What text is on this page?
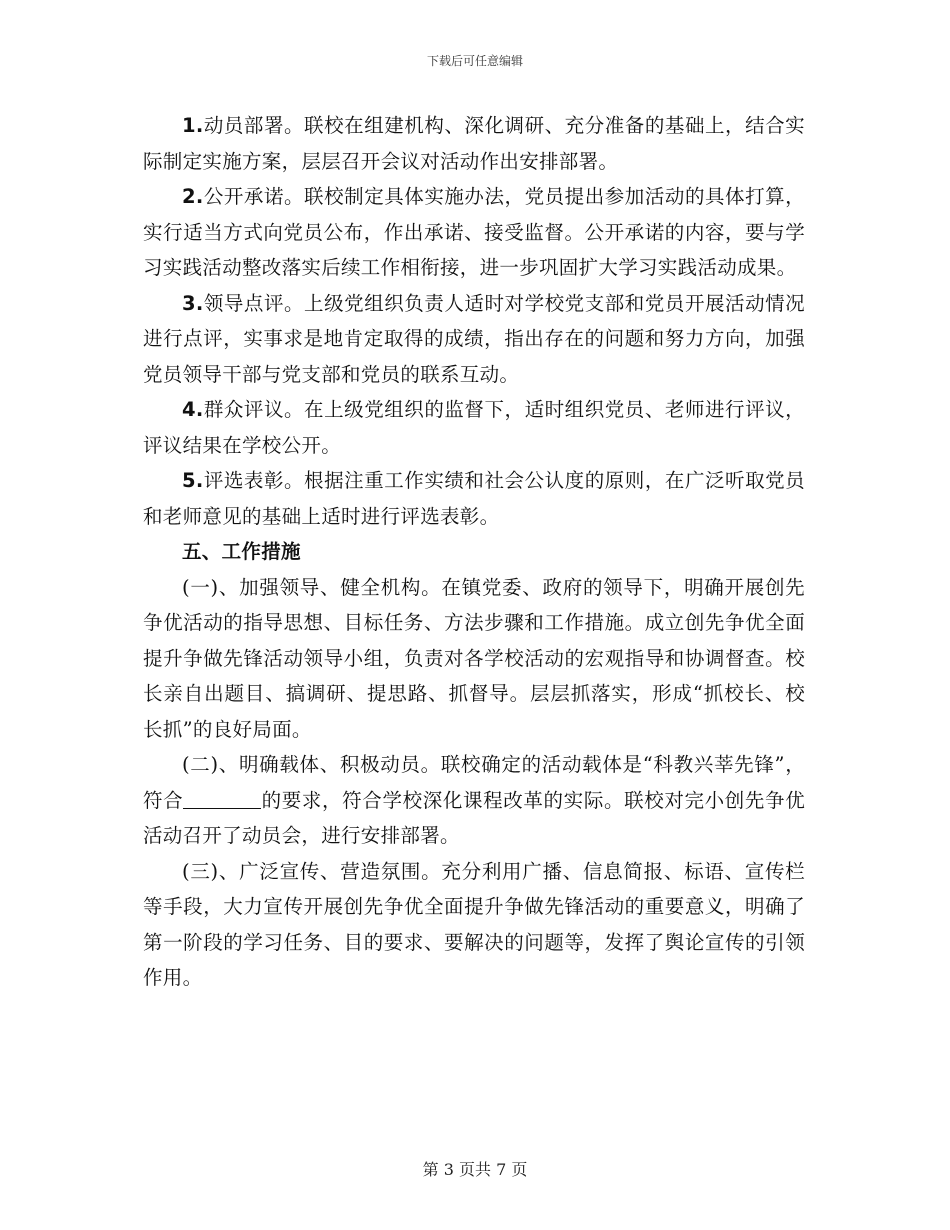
下载后可任意编辑

1.动员部署。联校在组建机构、深化调研、充分准备的基础上，结合实际制定实施方案，层层召开会议对活动作出安排部署。

2.公开承诺。联校制定具体实施办法，党员提出参加活动的具体打算，实行适当方式向党员公布，作出承诺、接受监督。公开承诺的内容，要与学习实践活动整改落实后续工作相衔接，进一步巩固扩大学习实践活动成果。

3.领导点评。上级党组织负责人适时对学校党支部和党员开展活动情况进行点评，实事求是地肯定取得的成绩，指出存在的问题和努力方向，加强党员领导干部与党支部和党员的联系互动。

4.群众评议。在上级党组织的监督下，适时组织党员、老师进行评议，评议结果在学校公开。

5.评选表彰。根据注重工作实绩和社会公认度的原则，在广泛听取党员和老师意见的基础上适时进行评选表彰。

五、工作措施

(一)、加强领导、健全机构。在镇党委、政府的领导下，明确开展创先争优活动的指导思想、目标任务、方法步骤和工作措施。成立创先争优全面提升争做先锋活动领导小组，负责对各学校活动的宏观指导和协调督查。校长亲自出题目、搞调研、提思路、抓督导。层层抓落实，形成“抓校长、校长抓”的良好局面。

(二)、明确载体、积极动员。联校确定的活动载体是“科教兴莘先锋”，符合	的要求，符合学校深化课程改革的实际。联校对完小创先争优活动召开了动员会，进行安排部署。

(三)、广泛宣传、营造氛围。充分利用广播、信息简报、标语、宣传栏等手段，大力宣传开展创先争优全面提升争做先锋活动的重要意义，明确了第一阶段的学习任务、目的要求、要解决的问题等，发挥了舆论宣传的引领作用。

第 3 页共 7 页
